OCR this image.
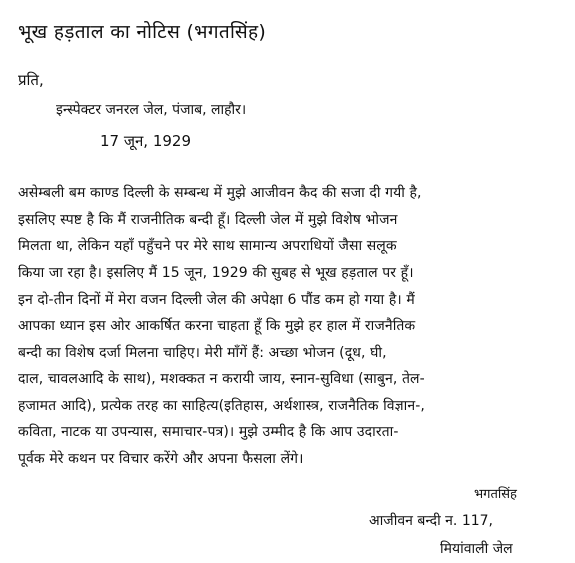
भूख हड़ताल का नोटिस (भगतसिंह)
प्रति,
इन्स्पेक्टर जनरल जेल, पंजाब, लाहौर।
17 जून, 1929
असेम्बली बम काण्ड दिल्ली के सम्बन्ध में मुझे आजीवन कैद की सजा दी गयी है,
इसलिए स्पष्ट है कि मैं राजनीतिक बन्दी हूँ। दिल्ली जेल में मुझे विशेष भोजन
मिलता था, लेकिन यहाँ पहुँचने पर मेरे साथ सामान्य अपराधियों जैसा सलूक
किया जा रहा है। इसलिए मैं 15 जून, 1929 की सुबह से भूख हड़ताल पर हूँ।
इन दो-तीन दिनों में मेरा वजन दिल्ली जेल की अपेक्षा 6 पौंड कम हो गया है। मैं
आपका ध्यान इस ओर आकर्षित करना चाहता हूँ कि मुझे हर हाल में राजनैतिक
बन्दी का विशेष दर्जा मिलना चाहिए। मेरी माँगें हैं: अच्छा भोजन (दूध, घी,
दाल, चावलआदि के साथ), मशक्कत न करायी जाय, स्नान-सुविधा (साबुन, तेल-
हजामत आदि), प्रत्येक तरह का साहित्य(इतिहास, अर्थशास्त्र, राजनैतिक विज्ञान-,
कविता, नाटक या उपन्यास, समाचार-पत्र)। मुझे उम्मीद है कि आप उदारता-
पूर्वक मेरे कथन पर विचार करेंगे और अपना फैसला लेंगे।
भगतसिंह
आजीवन बन्दी न. 117,
मियांवाली जेल
